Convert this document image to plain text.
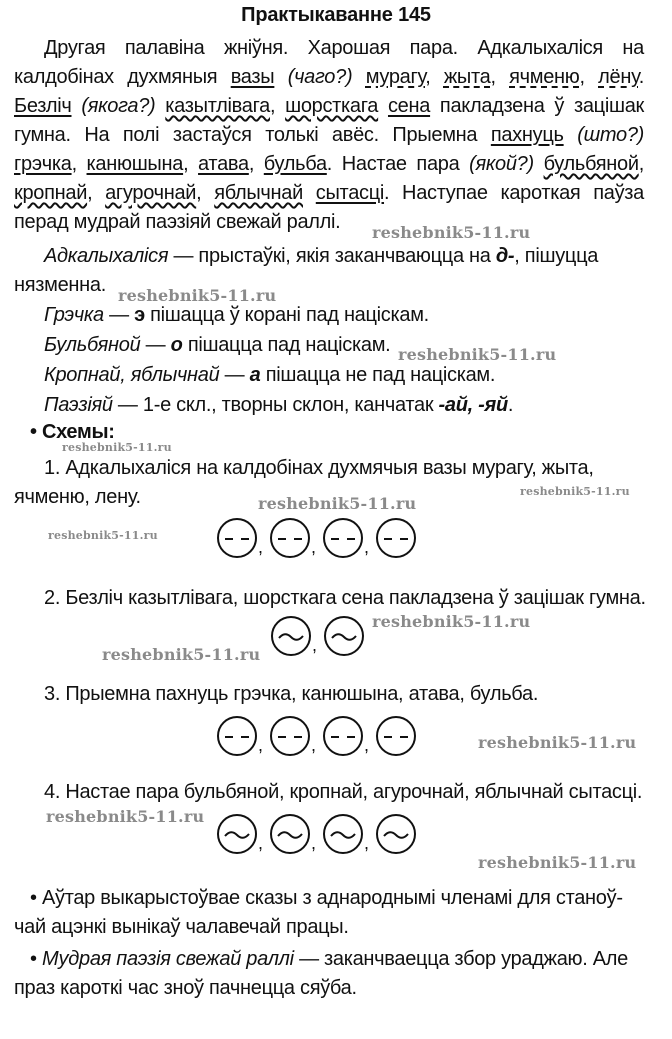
Практыкаванне 145
Другая палавіна жніўня. Харошая пара. Адкалыхаліся на калдобінах духмяныя вазы (чаго?) мурагу, жыта, ячменю, лёну. Безліч (якога?) казытлівага, шорсткага сена пакладзена ў зацішак гумна. На полі застаўся толькі авёс. Прыемна пахнуць (што?) грэчка, канюшына, атава, бульба. Настае пара (якой?) бульбяной, кропнай, агурочнай, яблычнай сытасці. Наступае кароткая паўза перад мудрай паэзіяй свежай раллі.
Адкалыхаліся — прыстаўкі, якія заканчваюцца на д-, пішуцца
нязменна.
Грэчка — э пішацца ў корані пад націскам.
Бульбяной — о пішацца пад націскам.
Кропнай, яблычнай — а пішацца не пад націскам.
Паэзіяй — 1-е скл., творны склон, канчатак -ай, -яй.
• Схемы:
1. Адкалыхаліся на калдобінах духмячыя вазы мурагу, жыта,
ячменю, лену.
,	,	,
2. Безліч казытлівага, шорсткага сена пакладзена ў зацішак гумна.
,
3. Прыемна пахнуць грэчка, канюшына, атава, бульба.
,	,	,
4. Настае пара бульбяной, кропнай, агурочнай, яблычнай сытасці.
,	,	,
• Аўтар выкарыстоўвае сказы з аднароднымі членамі для станоў-
чай ацэнкі вынікаў чалавечай працы.
• Мудрая паэзія свежай раллі — заканчваецца збор ураджаю. Але
праз кароткі час зноў пачнецца сяўба.
reshebnik5-11.ru
reshebnik5-11.ru
reshebnik5-11.ru
reshebnik5-11.ru
reshebnik5-11.ru
reshebnik5-11.ru
reshebnik5-11.ru
reshebnik5-11.ru
reshebnik5-11.ru
reshebnik5-11.ru
reshebnik5-11.ru
reshebnik5-11.ru
